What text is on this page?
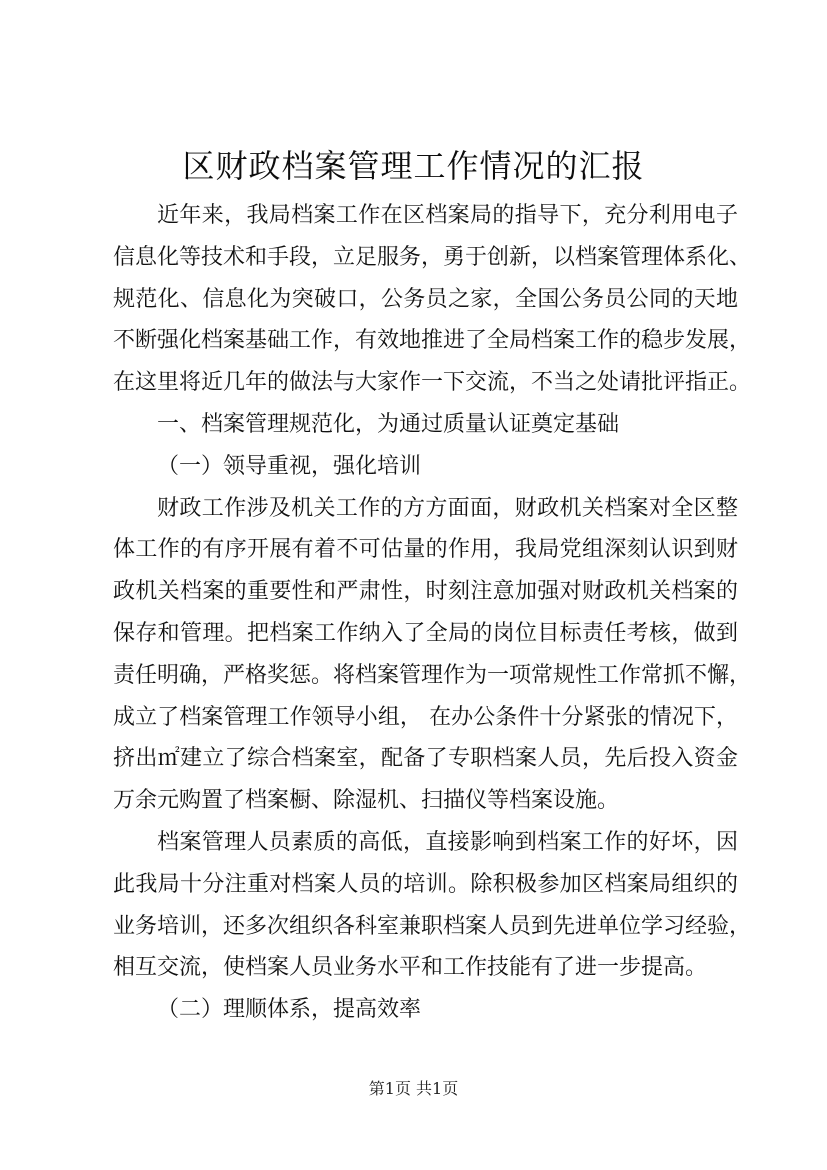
区财政档案管理工作情况的汇报
近年来，我局档案工作在区档案局的指导下，充分利用电子
信息化等技术和手段，立足服务，勇于创新，以档案管理体系化、
规范化、信息化为突破口，公务员之家，全国公务员公同的天地
不断强化档案基础工作，有效地推进了全局档案工作的稳步发展，
在这里将近几年的做法与大家作一下交流，不当之处请批评指正。
一、档案管理规范化，为通过质量认证奠定基础
（一）领导重视，强化培训
财政工作涉及机关工作的方方面面，财政机关档案对全区整
体工作的有序开展有着不可估量的作用，我局党组深刻认识到财
政机关档案的重要性和严肃性，时刻注意加强对财政机关档案的
保存和管理。把档案工作纳入了全局的岗位目标责任考核，做到
责任明确，严格奖惩。将档案管理作为一项常规性工作常抓不懈，
成立了档案管理工作领导小组， 在办公条件十分紧张的情况下，
挤出㎡建立了综合档案室，配备了专职档案人员，先后投入资金
万余元购置了档案橱、除湿机、扫描仪等档案设施。
档案管理人员素质的高低，直接影响到档案工作的好坏，因
此我局十分注重对档案人员的培训。除积极参加区档案局组织的
业务培训，还多次组织各科室兼职档案人员到先进单位学习经验，
相互交流，使档案人员业务水平和工作技能有了进一步提高。
（二）理顺体系，提高效率
第1页 共1页
